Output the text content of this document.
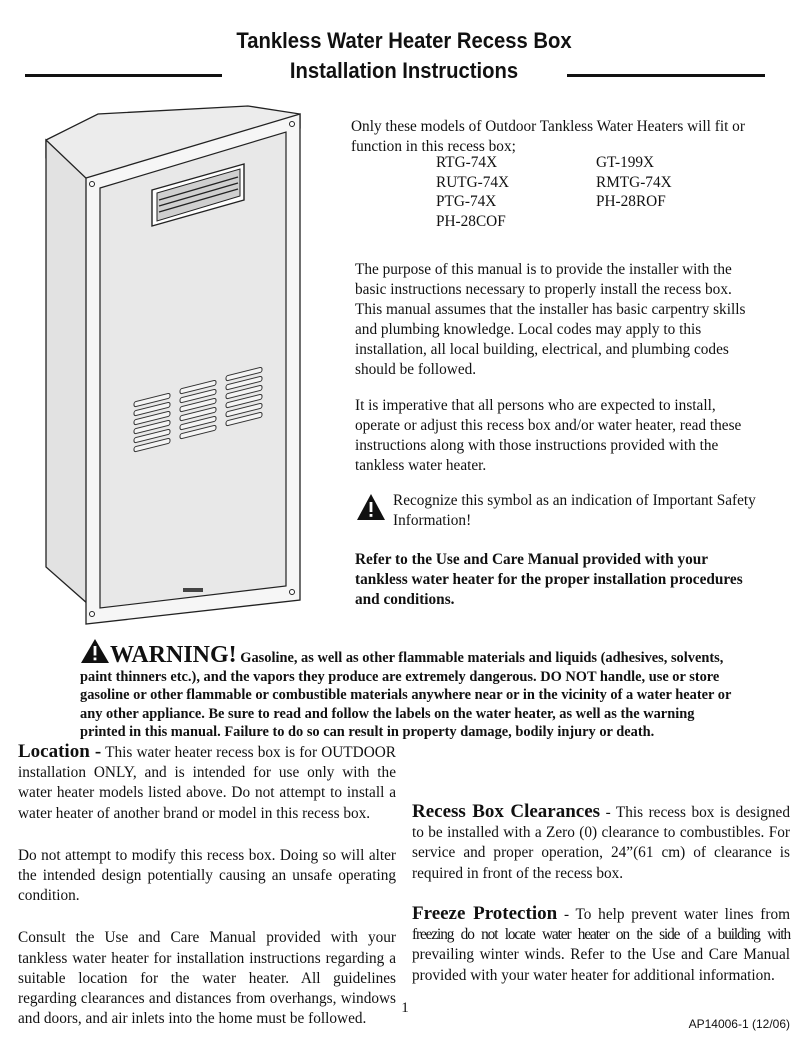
Tankless Water Heater Recess Box
Installation Instructions
Only these models of Outdoor Tankless Water Heaters will fit or function in this recess box;
RTG-74X	GT-199X
RUTG-74X	RMTG-74X
PTG-74X	PH-28ROF
PH-28COF
The purpose of this manual is to provide the installer with the basic instructions necessary to properly install the recess box. This manual assumes that the installer has basic carpentry skills and plumbing knowledge. Local codes may apply to this installation, all local building, electrical, and plumbing codes should be followed.
It is imperative that all persons who are expected to install, operate or adjust this recess box and/or water heater, read these instructions along with those instructions provided with the tankless water heater.
Recognize this symbol as an indication of Important Safety Information!
Refer to the Use and Care Manual provided with your tankless water heater for the proper installation procedures and conditions.
WARNING! Gasoline, as well as other flammable materials and liquids (adhesives, solvents, paint thinners etc.), and the vapors they produce are extremely dangerous. DO NOT handle, use or store gasoline or other flammable or combustible materials anywhere near or in the vicinity of a water heater or any other appliance. Be sure to read and follow the labels on the water heater, as well as the warning printed in this manual. Failure to do so can result in property damage, bodily injury or death.

Location - This water heater recess box is for OUTDOOR installation ONLY, and is intended for use only with the water heater models listed above. Do not attempt to install a water heater of another brand or model in this recess box.

Do not attempt to modify this recess box. Doing so will alter the intended design potentially causing an unsafe operating condition.

Consult the Use and Care Manual provided with your tankless water heater for installation instructions regarding a suitable location for the water heater. All guidelines regarding clearances and distances from overhangs, windows and doors, and air inlets into the home must be followed.

Recess Box Clearances - This recess box is designed to be installed with a Zero (0) clearance to combustibles. For service and proper operation, 24”(61 cm) of clearance is required in front of the recess box.
Freeze Protection - To help prevent water lines from freezing do not locate water heater on the side of a building with prevailing winter winds. Refer to the Use and Care Manual provided with your water heater for additional information.
1
AP14006-1 (12/06)
